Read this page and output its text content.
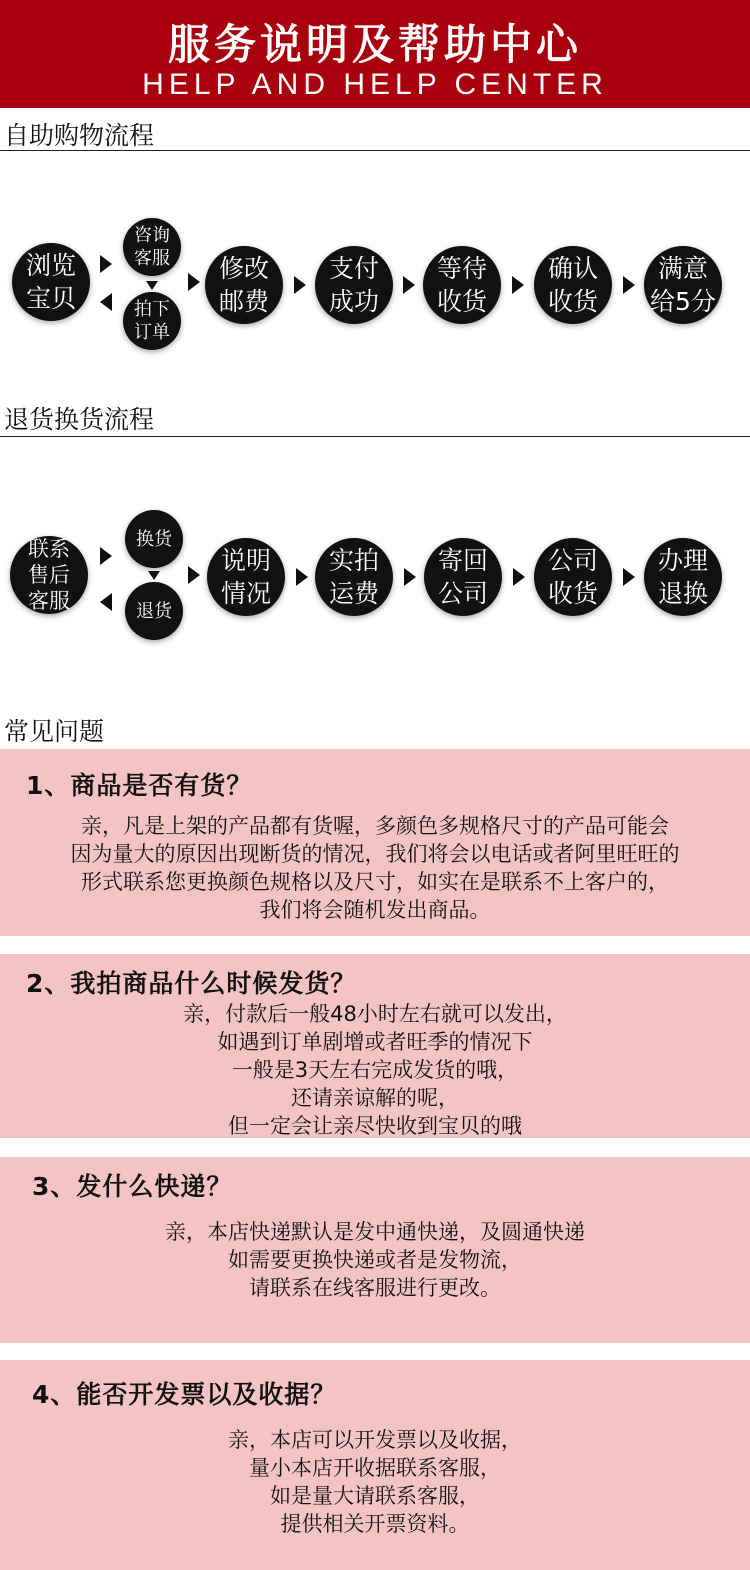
服务说明及帮助中心
HELP AND HELP CENTER
自助购物流程
浏览
宝贝
咨询
客服
拍下
订单
修改
邮费
支付
成功
等待
收货
确认
收货
满意
给5分
退货换货流程
联系
售后
客服
换货
退货
说明
情况
实拍
运费
寄回
公司
公司
收货
办理
退换
常见问题
1、商品是否有货？
亲，凡是上架的产品都有货喔，多颜色多规格尺寸的产品可能会
因为量大的原因出现断货的情况，我们将会以电话或者阿里旺旺的
形式联系您更换颜色规格以及尺寸，如实在是联系不上客户的，
我们将会随机发出商品。
2、我拍商品什么时候发货？
亲，付款后一般48小时左右就可以发出，
如遇到订单剧增或者旺季的情况下
一般是3天左右完成发货的哦，
还请亲谅解的呢，
但一定会让亲尽快收到宝贝的哦
3、发什么快递？
亲，本店快递默认是发中通快递，及圆通快递
如需要更换快递或者是发物流，
请联系在线客服进行更改。
4、能否开发票以及收据？
亲，本店可以开发票以及收据，
量小本店开收据联系客服，
如是量大请联系客服，
提供相关开票资料。
